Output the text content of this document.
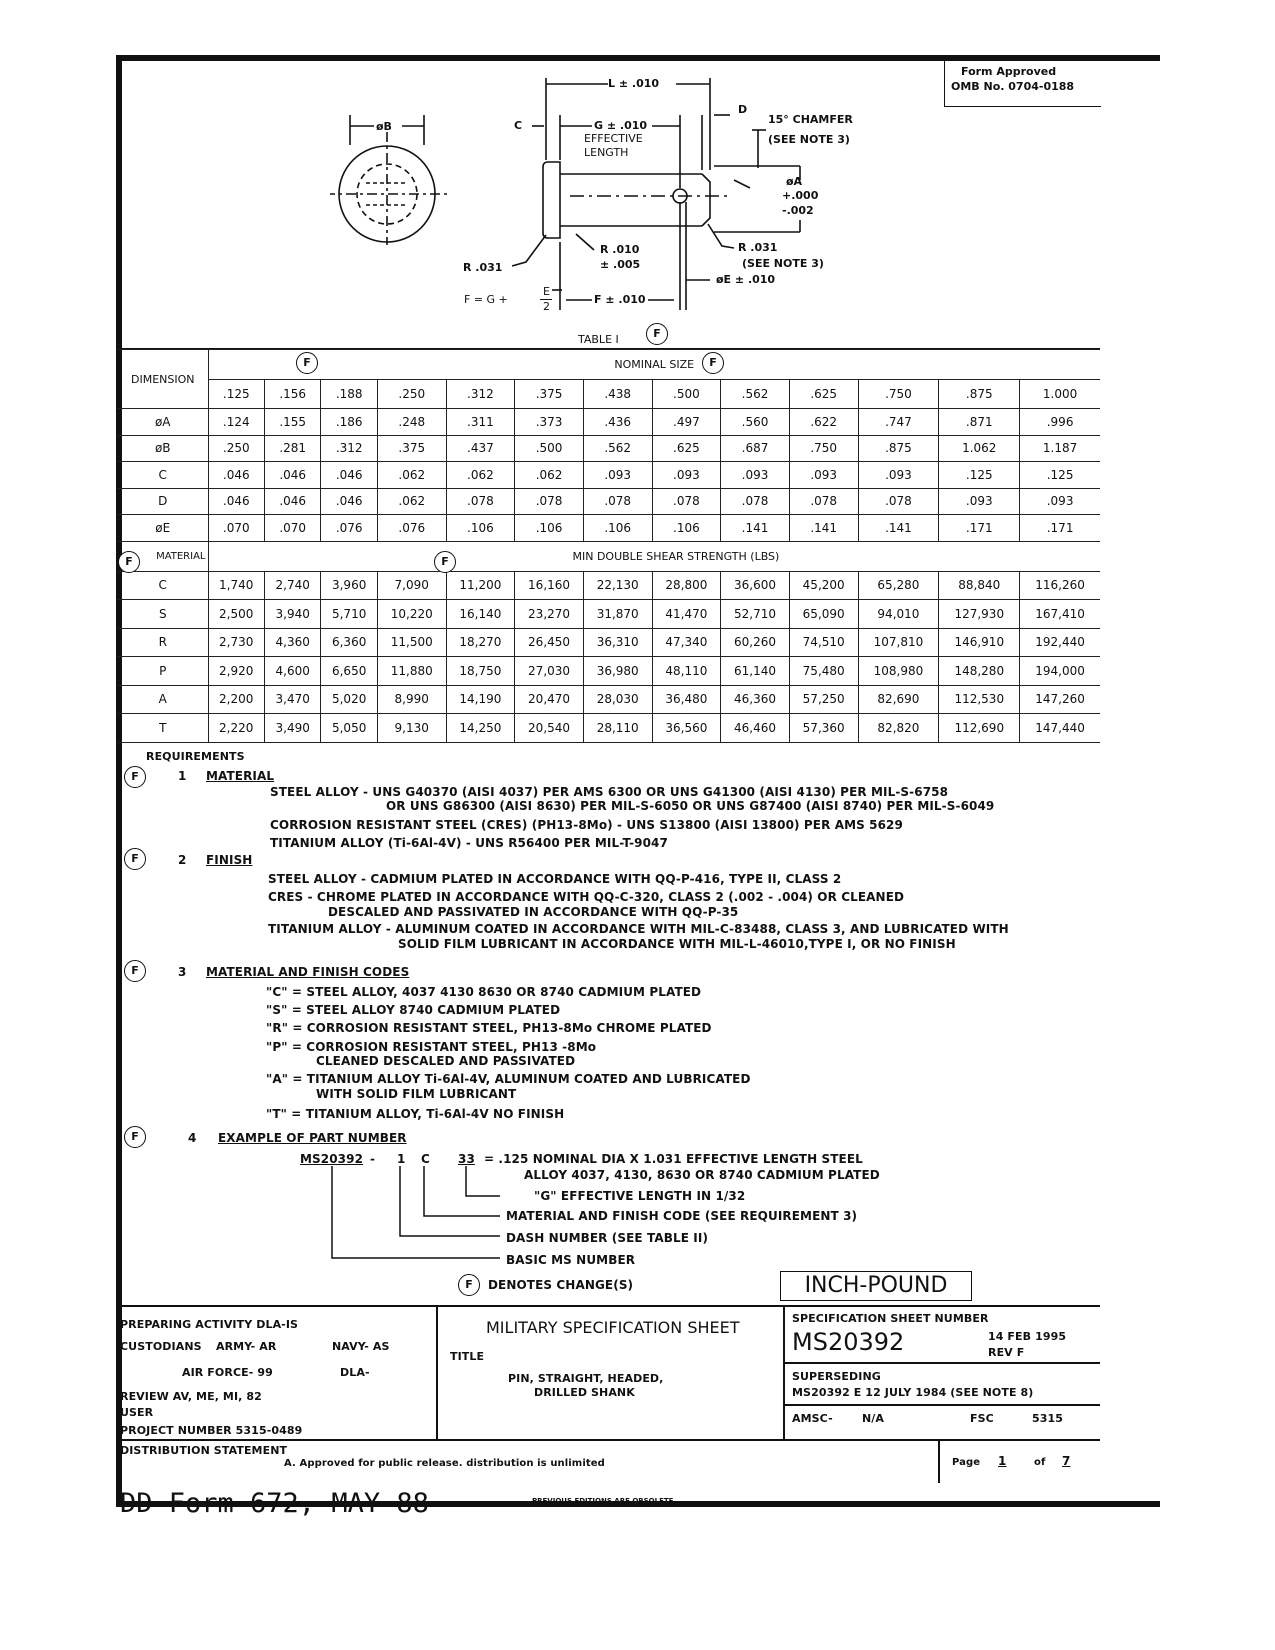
Form Approved
OMB No. 0704-0188
øB
L ± .010
C	G ± .010
EFFECTIVE
LENGTH
D
15° CHAMFER
(SEE NOTE 3)
øA
+.000
-.002
R .010
± .005
R .031
R .031
(SEE NOTE 3)
øE ± .010
F = G +
E
2
F ± .010
TABLE I	F
DIMENSION	NOMINAL SIZE												
	.125	.156	.188	.250	.312	.375	.438	.500	.562	.625	.750	.875	1.000
øA	.124	.155	.186	.248	.311	.373	.436	.497	.560	.622	.747	.871	.996
øB	.250	.281	.312	.375	.437	.500	.562	.625	.687	.750	.875	1.062	1.187
C	.046	.046	.046	.062	.062	.062	.093	.093	.093	.093	.093	.125	.125
D	.046	.046	.046	.062	.078	.078	.078	.078	.078	.078	.078	.093	.093
øE	.070	.070	.076	.076	.106	.106	.106	.106	.141	.141	.141	.171	.171
MATERIAL	MIN DOUBLE SHEAR STRENGTH (LBS)												
C	1,740	2,740	3,960	7,090	11,200	16,160	22,130	28,800	36,600	45,200	65,280	88,840	116,260
S	2,500	3,940	5,710	10,220	16,140	23,270	31,870	41,470	52,710	65,090	94,010	127,930	167,410
R	2,730	4,360	6,360	11,500	18,270	26,450	36,310	47,340	60,260	74,510	107,810	146,910	192,440
P	2,920	4,600	6,650	11,880	18,750	27,030	36,980	48,110	61,140	75,480	108,980	148,280	194,000
A	2,200	3,470	5,020	8,990	14,190	20,470	28,030	36,480	46,360	57,250	82,690	112,530	147,260
T	2,220	3,490	5,050	9,130	14,250	20,540	28,110	36,560	46,460	57,360	82,820	112,690	147,440
F	F
F	F
REQUIREMENTS
F	1 MATERIAL
STEEL ALLOY - UNS G40370 (AISI 4037) PER AMS 6300 OR UNS G41300 (AISI 4130) PER MIL-S-6758
OR UNS G86300 (AISI 8630) PER MIL-S-6050 OR UNS G87400 (AISI 8740) PER MIL-S-6049
CORROSION RESISTANT STEEL (CRES) (PH13-8Mo) - UNS S13800 (AISI 13800) PER AMS 5629
TITANIUM ALLOY (Ti-6Al-4V) - UNS R56400 PER MIL-T-9047
F	2 FINISH
STEEL ALLOY - CADMIUM PLATED IN ACCORDANCE WITH QQ-P-416, TYPE II, CLASS 2
CRES - CHROME PLATED IN ACCORDANCE WITH QQ-C-320, CLASS 2 (.002 - .004) OR CLEANED
DESCALED AND PASSIVATED IN ACCORDANCE WITH QQ-P-35
TITANIUM ALLOY - ALUMINUM COATED IN ACCORDANCE WITH MIL-C-83488, CLASS 3, AND LUBRICATED WITH
SOLID FILM LUBRICANT IN ACCORDANCE WITH MIL-L-46010,TYPE I, OR NO FINISH
F	3 MATERIAL AND FINISH CODES
"C" = STEEL ALLOY, 4037 4130 8630 OR 8740 CADMIUM PLATED
"S" = STEEL ALLOY 8740 CADMIUM PLATED
"R" = CORROSION RESISTANT STEEL, PH13-8Mo CHROME PLATED
"P" = CORROSION RESISTANT STEEL, PH13 -8Mo
CLEANED DESCALED AND PASSIVATED
"A" = TITANIUM ALLOY Ti-6Al-4V, ALUMINUM COATED AND LUBRICATED
WITH SOLID FILM LUBRICANT
"T" = TITANIUM ALLOY, Ti-6Al-4V NO FINISH
F	4 EXAMPLE OF PART NUMBER
MS20392 - 1 C 33 = .125 NOMINAL DIA X 1.031 EFFECTIVE LENGTH STEEL
ALLOY 4037, 4130, 8630 OR 8740 CADMIUM PLATED
"G" EFFECTIVE LENGTH IN 1/32
MATERIAL AND FINISH CODE (SEE REQUIREMENT 3)
DASH NUMBER (SEE TABLE II)
BASIC MS NUMBER
F	DENOTES CHANGE(S)	INCH-POUND
PREPARING ACTIVITY DLA-IS
CUSTODIANS ARMY- AR	NAVY- AS
AIR FORCE- 99	DLA-
REVIEW AV, ME, MI, 82
USER
PROJECT NUMBER 5315-0489
MILITARY SPECIFICATION SHEET
TITLE
PIN, STRAIGHT, HEADED,
DRILLED SHANK
SPECIFICATION SHEET NUMBER
MS20392	14 FEB 1995
REV F
SUPERSEDING
MS20392 E 12 JULY 1984 (SEE NOTE 8)
AMSC-	N/A	FSC	5315
DISTRIBUTION STATEMENT
A. Approved for public release. distribution is unlimited	Page 1	of 7
DD Form 672, MAY 88	PREVIOUS EDITIONS ARE OBSOLETE
